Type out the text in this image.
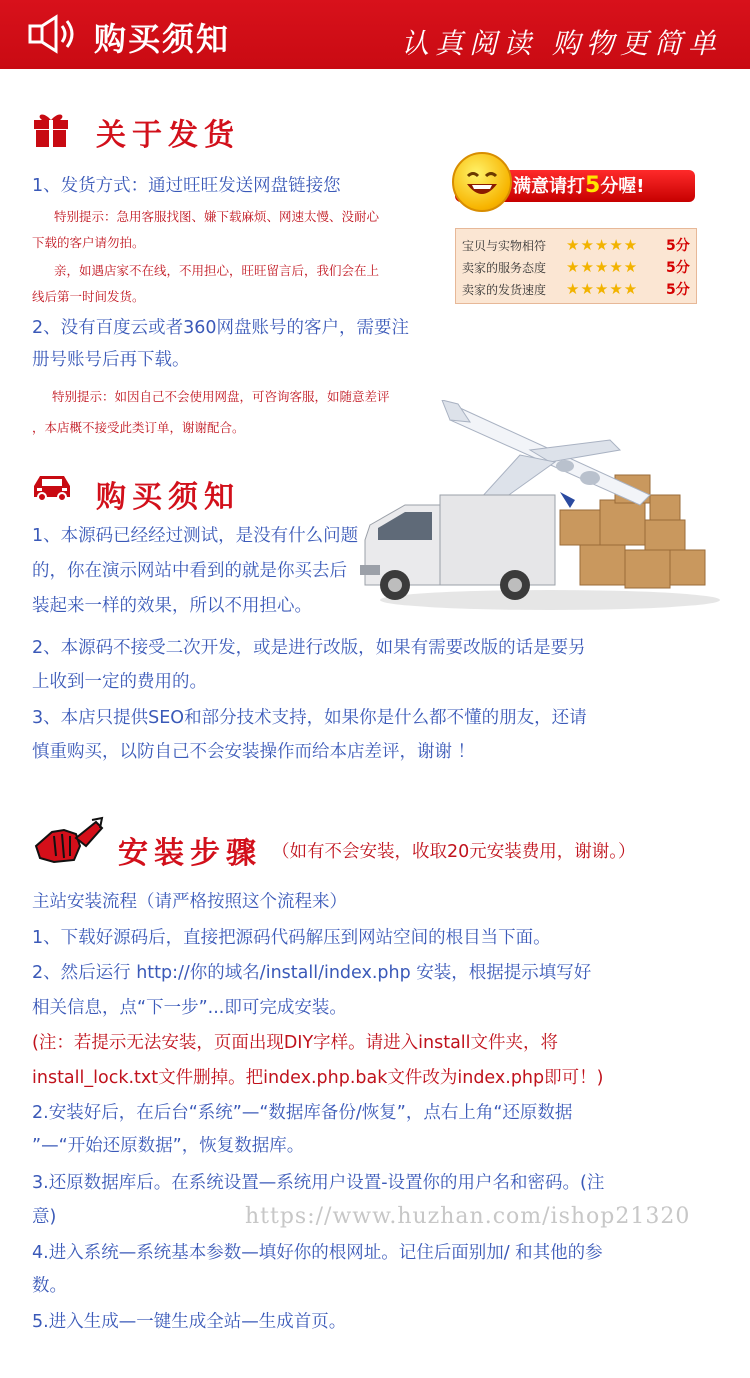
购买须知	认真阅读 购物更简单
关于发货
1、发货方式：通过旺旺发送网盘链接您
特别提示：急用客服找图、嫌下载麻烦、网速太慢、没耐心
下载的客户请勿拍。
亲，如遇店家不在线，不用担心，旺旺留言后，我们会在上
线后第一时间发货。
2、没有百度云或者360网盘账号的客户，需要注
册号账号后再下载。
特别提示：如因自己不会使用网盘，可咨询客服，如随意差评
，本店概不接受此类订单，谢谢配合。
满意请打5分喔!
宝贝与实物相符	★★★★★	5分
卖家的服务态度	★★★★★	5分
卖家的发货速度	★★★★★	5分
购买须知
1、本源码已经经过测试，是没有什么问题
的，你在演示网站中看到的就是你买去后
装起来一样的效果，所以不用担心。
2、本源码不接受二次开发，或是进行改版，如果有需要改版的话是要另
上收到一定的费用的。
3、本店只提供SEO和部分技术支持，如果你是什么都不懂的朋友，还请
慎重购买，以防自己不会安装操作而给本店差评，谢谢 ！
安装步骤 （如有不会安装，收取20元安装费用，谢谢。）
主站安装流程（请严格按照这个流程来）
1、下载好源码后，直接把源码代码解压到网站空间的根目当下面。
2、然后运行 http://你的域名/install/index.php 安装，根据提示填写好
相关信息，点“下一步”...即可完成安装。
(注：若提示无法安装，页面出现DIY字样。请进入install文件夹，将
install_lock.txt文件删掉。把index.php.bak文件改为index.php即可！)
2.安装好后，在后台“系统”—“数据库备份/恢复”，点右上角“还原数据
”—“开始还原数据”，恢复数据库。
3.还原数据库后。在系统设置—系统用户设置-设置你的用户名和密码。(注
意)
4.进入系统—系统基本参数—填好你的根网址。记住后面别加/ 和其他的参
数。
5.进入生成—一键生成全站—生成首页。
https://www.huzhan.com/ishop21320
